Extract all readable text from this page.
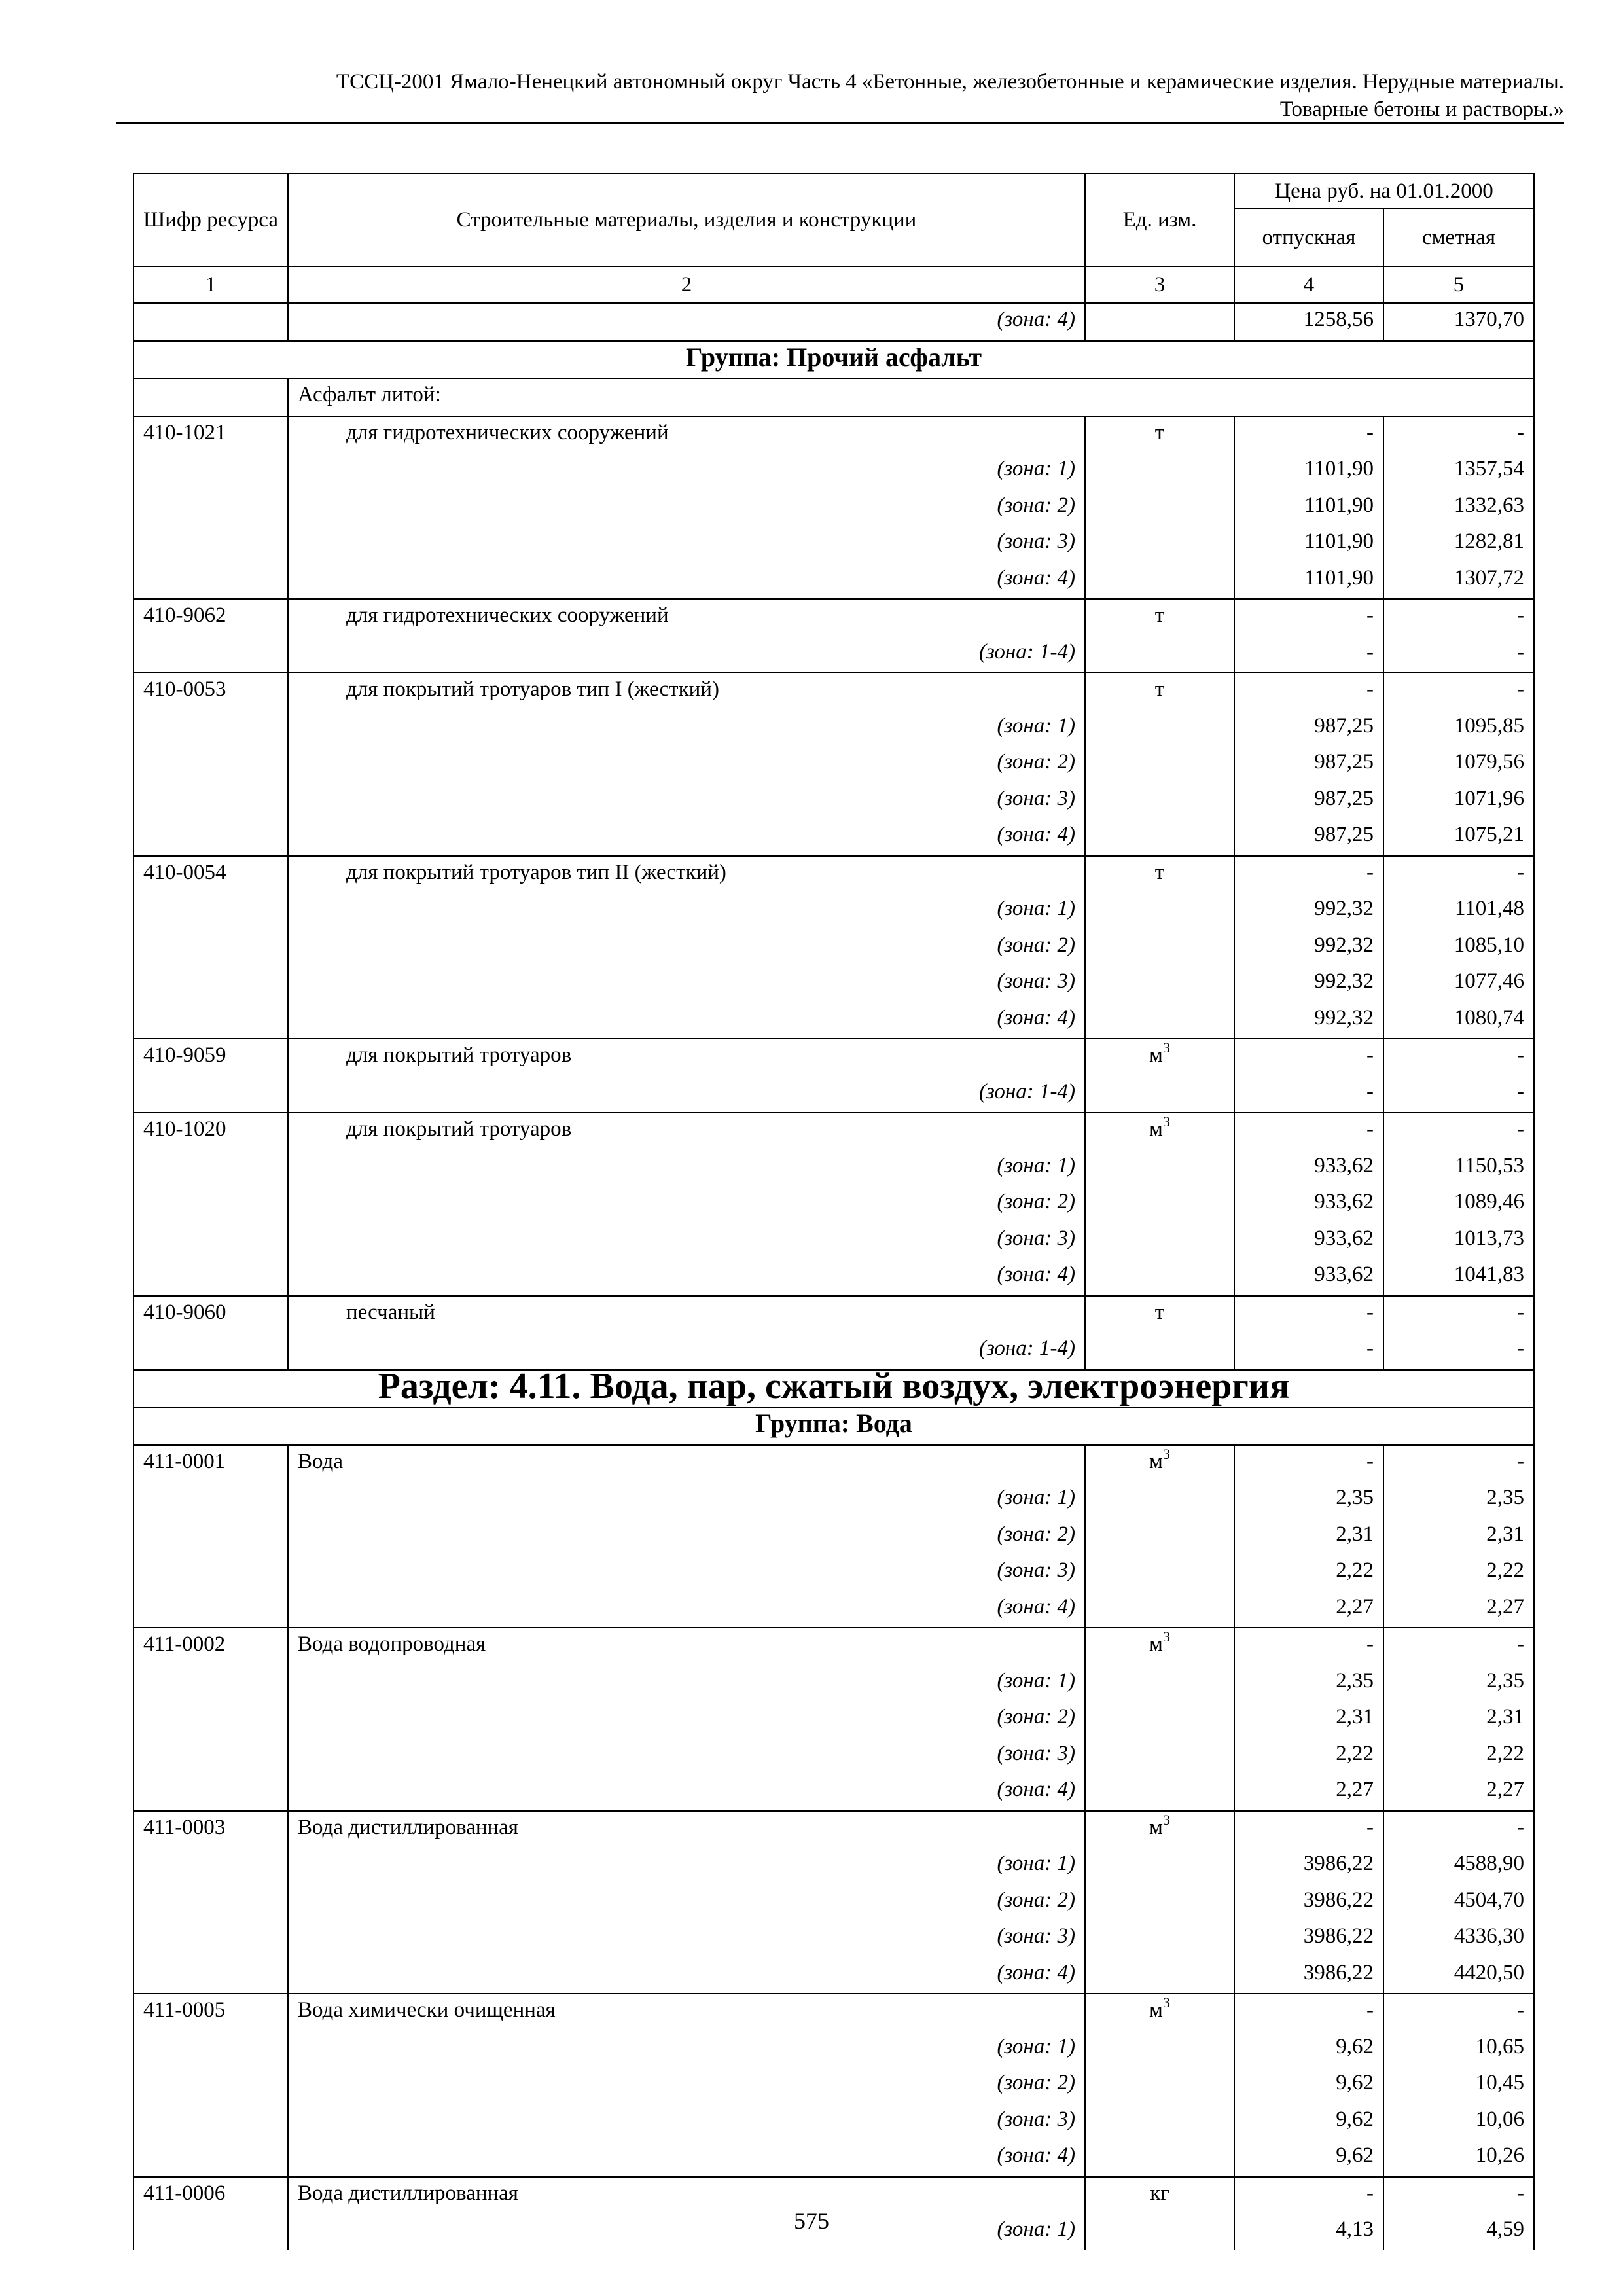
ТССЦ-2001 Ямало-Ненецкий автономный округ Часть 4 «Бетонные, железобетонные и керамические изделия. Нерудные материалы.
Товарные бетоны и растворы.»
Шифр ресурса	Строительные материалы, изделия и конструкции	Ед. изм.	Цена руб. на 01.01.2000	
			отпускная	сметная
1	2	3	4	5
	(зона: 4)		1258,56	1370,70
Группа: Прочий асфальт				
	Асфальт литой:			
410-1021	для гидротехнических сооружений	т	-	-
	(зона: 1)		1101,90	1357,54
	(зона: 2)		1101,90	1332,63
	(зона: 3)		1101,90	1282,81
	(зона: 4)		1101,90	1307,72
410-9062	для гидротехнических сооружений	т	-	-
	(зона: 1-4)		-	-
410-0053	для покрытий тротуаров тип I (жесткий)	т	-	-
	(зона: 1)		987,25	1095,85
	(зона: 2)		987,25	1079,56
	(зона: 3)		987,25	1071,96
	(зона: 4)		987,25	1075,21
410-0054	для покрытий тротуаров тип II (жесткий)	т	-	-
	(зона: 1)		992,32	1101,48
	(зона: 2)		992,32	1085,10
	(зона: 3)		992,32	1077,46
	(зона: 4)		992,32	1080,74
410-9059	для покрытий тротуаров	$м^3$	-	-
	(зона: 1-4)		-	-
410-1020	для покрытий тротуаров	$м^3$	-	-
	(зона: 1)		933,62	1150,53
	(зона: 2)		933,62	1089,46
	(зона: 3)		933,62	1013,73
	(зона: 4)		933,62	1041,83
410-9060	песчаный	т	-	-
	(зона: 1-4)		-	-
Раздел: 4.11. Вода, пар, сжатый воздух, электроэнергия				
Группа: Вода				
411-0001	Вода	$м^3$	-	-
	(зона: 1)		2,35	2,35
	(зона: 2)		2,31	2,31
	(зона: 3)		2,22	2,22
	(зона: 4)		2,27	2,27
411-0002	Вода водопроводная	$м^3$	-	-
	(зона: 1)		2,35	2,35
	(зона: 2)		2,31	2,31
	(зона: 3)		2,22	2,22
	(зона: 4)		2,27	2,27
411-0003	Вода дистиллированная	$м^3$	-	-
	(зона: 1)		3986,22	4588,90
	(зона: 2)		3986,22	4504,70
	(зона: 3)		3986,22	4336,30
	(зона: 4)		3986,22	4420,50
411-0005	Вода химически очищенная	$м^3$	-	-
	(зона: 1)		9,62	10,65
	(зона: 2)		9,62	10,45
	(зона: 3)		9,62	10,06
	(зона: 4)		9,62	10,26
411-0006	Вода дистиллированная	кг	-	-
	(зона: 1)		4,13	4,59
575
